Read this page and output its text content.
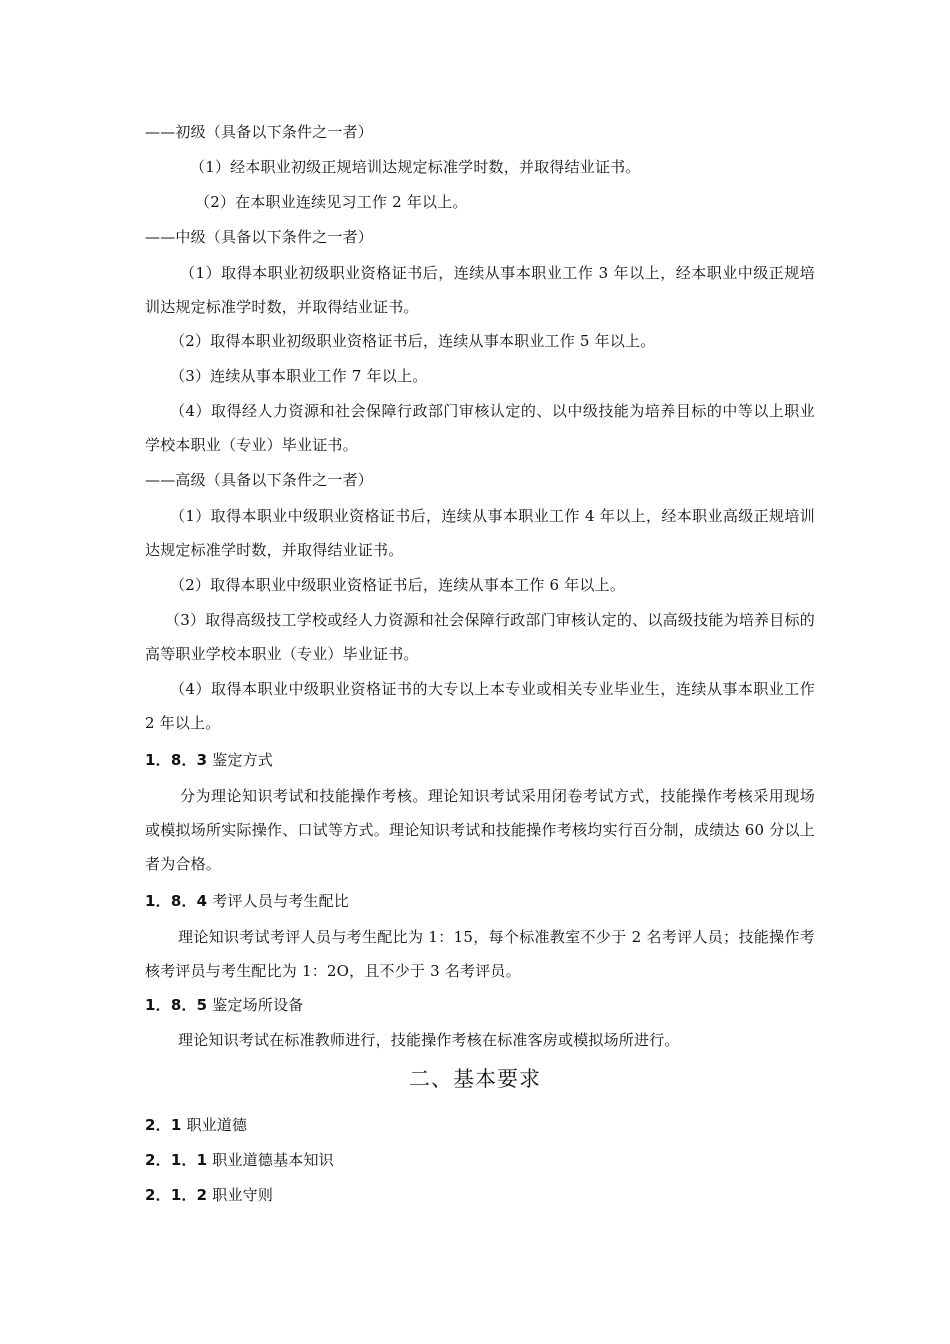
——初级（具备以下条件之一者）
（1）经本职业初级正规培训达规定标准学时数，并取得结业证书。
（2）在本职业连续见习工作 2 年以上。
——中级（具备以下条件之一者）
（1）取得本职业初级职业资格证书后，连续从事本职业工作 3 年以上，经本职业中级正规培训达规定标准学时数，并取得结业证书。
（2）取得本职业初级职业资格证书后，连续从事本职业工作 5 年以上。
（3）连续从事本职业工作 7 年以上。
（4）取得经人力资源和社会保障行政部门审核认定的、以中级技能为培养目标的中等以上职业学校本职业（专业）毕业证书。
——高级（具备以下条件之一者）
（1）取得本职业中级职业资格证书后，连续从事本职业工作 4 年以上，经本职业高级正规培训达规定标准学时数，并取得结业证书。
（2）取得本职业中级职业资格证书后，连续从事本工作 6 年以上。
（3）取得高级技工学校或经人力资源和社会保障行政部门审核认定的、以高级技能为培养目标的高等职业学校本职业（专业）毕业证书。
（4）取得本职业中级职业资格证书的大专以上本专业或相关专业毕业生，连续从事本职业工作 2 年以上。
1．8．3 鉴定方式
分为理论知识考试和技能操作考核。理论知识考试采用闭卷考试方式，技能操作考核采用现场或模拟场所实际操作、口试等方式。理论知识考试和技能操作考核均实行百分制，成绩达 60 分以上者为合格。
1．8．4 考评人员与考生配比
理论知识考试考评人员与考生配比为 1：15，每个标准教室不少于 2 名考评人员；技能操作考核考评员与考生配比为 1：2O，且不少于 3 名考评员。
1．8．5 鉴定场所设备
理论知识考试在标准教师进行，技能操作考核在标准客房或模拟场所进行。
二、基本要求
2．1 职业道德
2．1．1 职业道德基本知识
2．1．2 职业守则
